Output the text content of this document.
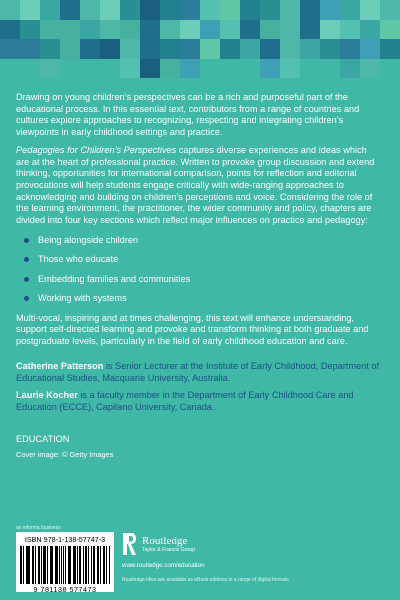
Drawing on young children’s perspectives can be a rich and purposeful part of the educational process. In this essential text, contributors from a range of countries and cultures explore approaches to recognizing, respecting and integrating children’s viewpoints in early childhood settings and practice.

Pedagogies for Children’s Perspectives captures diverse experiences and ideas which are at the heart of professional practice. Written to provoke group discussion and extend thinking, opportunities for international comparison, points for reflection and editorial provocations will help students engage critically with wide-ranging approaches to acknowledging and building on children’s perceptions and voice. Considering the role of the learning environment, the practitioner, the wider community and policy, chapters are divided into four key sections which reflect major influences on practice and pedagogy:

Being alongside children
Those who educate
Embedding families and communities
Working with systems

Multi-vocal, inspiring and at times challenging, this text will enhance understanding, support self-directed learning and provoke and transform thinking at both graduate and postgraduate levels, particularly in the field of early childhood education and care.

Catherine Patterson is Senior Lecturer at the Institute of Early Childhood, Department of Educational Studies, Macquarie University, Australia.

Laurie Kocher is a faculty member in the Department of Early Childhood Care and Education (ECCE), Capilano University, Canada.

EDUCATION
Cover image: © Getty Images
an informa business
ISBN 978-1-138-57747-3
9 781138 577473
Routledge
Taylor & Francis Group
www.routledge.com/education
Routledge titles are available as eBook editions in a range of digital formats
